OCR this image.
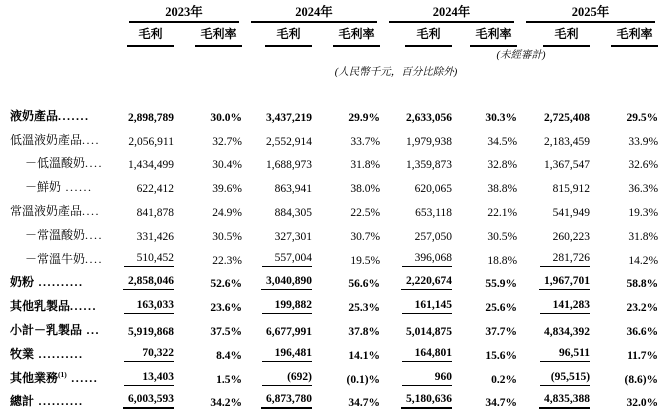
	2023年		2024年		2024年		2025年	

	毛利	毛利率	毛利	毛利率	毛利	毛利率	毛利	毛利率
						(未經審計)		
	(人民幣千元，百分比除外)							

液奶產品.......	2,898,789	30.0%	3,437,219	29.9%	2,633,056	30.3%	2,725,408	29.5%
低溫液奶產品....	2,056,911	32.7%	2,552,914	33.7%	1,979,938	34.5%	2,183,459	33.9%
－低溫酸奶....	1,434,499	30.4%	1,688,973	31.8%	1,359,873	32.8%	1,367,547	32.6%
－鮮奶 ......	622,412	39.6%	863,941	38.0%	620,065	38.8%	815,912	36.3%
常溫液奶產品....	841,878	24.9%	884,305	22.5%	653,118	22.1%	541,949	19.3%
－常溫酸奶....	331,426	30.5%	327,301	30.7%	257,050	30.5%	260,223	31.8%
－常溫牛奶....	510,452	22.3%	557,004	19.5%	396,068	18.8%	281,726	14.2%
奶粉 ..........	2,858,046	52.6%	3,040,890	56.6%	2,220,674	55.9%	1,967,701	58.8%
其他乳製品......	163,033	23.6%	199,882	25.3%	161,145	25.6%	141,283	23.2%
小計－乳製品 ...	5,919,868	37.5%	6,677,991	37.8%	5,014,875	37.7%	4,834,392	36.6%
牧業 ..........	70,322	8.4%	196,481	14.1%	164,801	15.6%	96,511	11.7%
其他業務$^{(1)}$ ......	13,403	1.5%	(692)	(0.1)%	960	0.2%	(95,515)	(8.6)%
總計 ..........	6,003,593	34.2%	6,873,780	34.7%	5,180,636	34.7%	4,835,388	32.0%
